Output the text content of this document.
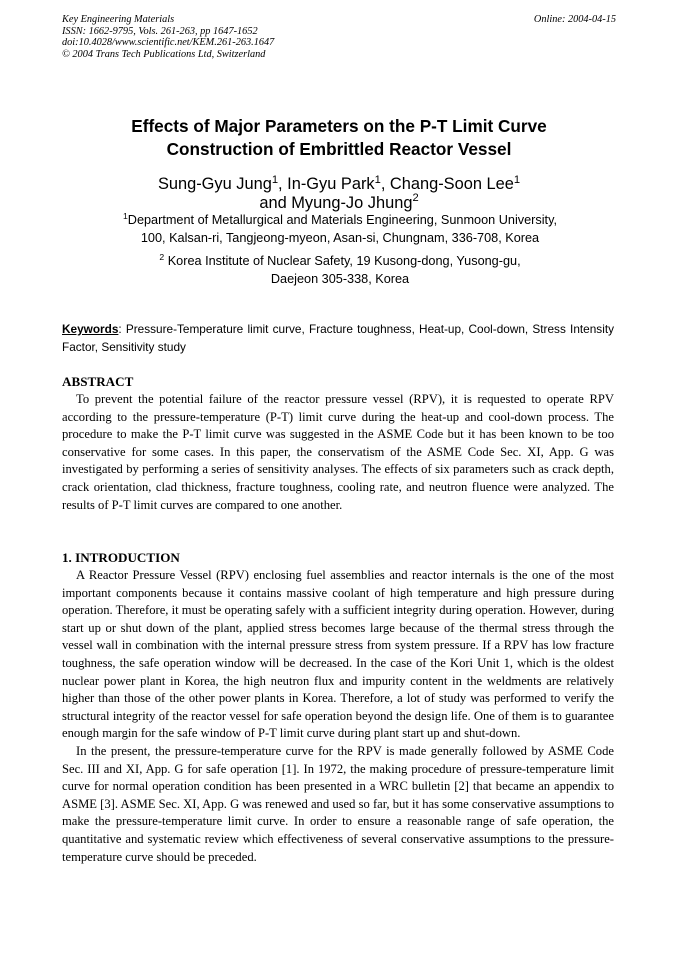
Key Engineering Materials
ISSN: 1662-9795, Vols. 261-263, pp 1647-1652
doi:10.4028/www.scientific.net/KEM.261-263.1647
© 2004 Trans Tech Publications Ltd, Switzerland
Online: 2004-04-15
Effects of Major Parameters on the P-T Limit Curve
Construction of Embrittled Reactor Vessel
Sung-Gyu Jung$^1$, In-Gyu Park$^1$, Chang-Soon Lee$^1$
and Myung-Jo Jhung$^2$
$^1$Department of Metallurgical and Materials Engineering, Sunmoon University,
100, Kalsan-ri, Tangjeong-myeon, Asan-si, Chungnam, 336-708, Korea
$^2$ Korea Institute of Nuclear Safety, 19 Kusong-dong, Yusong-gu,
Daejeon 305-338, Korea
Keywords: Pressure-Temperature limit curve, Fracture toughness, Heat-up, Cool-down, Stress Intensity Factor, Sensitivity study
ABSTRACT

To prevent the potential failure of the reactor pressure vessel (RPV), it is requested to operate RPV according to the pressure-temperature (P-T) limit curve during the heat-up and cool-down process. The procedure to make the P-T limit curve was suggested in the ASME Code but it has been known to be too conservative for some cases. In this paper, the conservatism of the ASME Code Sec. XI, App. G was investigated by performing a series of sensitivity analyses. The effects of six parameters such as crack depth, crack orientation, clad thickness, fracture toughness, cooling rate, and neutron fluence were analyzed. The results of P-T limit curves are compared to one another.

1. INTRODUCTION

A Reactor Pressure Vessel (RPV) enclosing fuel assemblies and reactor internals is the one of the most important components because it contains massive coolant of high temperature and high pressure during operation. Therefore, it must be operating safely with a sufficient integrity during operation. However, during start up or shut down of the plant, applied stress becomes large because of the thermal stress through the vessel wall in combination with the internal pressure stress from system pressure. If a RPV has low fracture toughness, the safe operation window will be decreased. In the case of the Kori Unit 1, which is the oldest nuclear power plant in Korea, the high neutron flux and impurity content in the weldments are relatively higher than those of the other power plants in Korea. Therefore, a lot of study was performed to verify the structural integrity of the reactor vessel for safe operation beyond the design life. One of them is to guarantee enough margin for the safe window of P-T limit curve during plant start up and shut-down.

In the present, the pressure-temperature curve for the RPV is made generally followed by ASME Code Sec. III and XI, App. G for safe operation [1]. In 1972, the making procedure of pressure-temperature limit curve for normal operation condition has been presented in a WRC bulletin [2] that became an appendix to ASME [3]. ASME Sec. XI, App. G was renewed and used so far, but it has some conservative assumptions to make the pressure-temperature limit curve. In order to ensure a reasonable range of safe operation, the quantitative and systematic review which effectiveness of several conservative assumptions to the pressure-temperature curve should be preceded.
